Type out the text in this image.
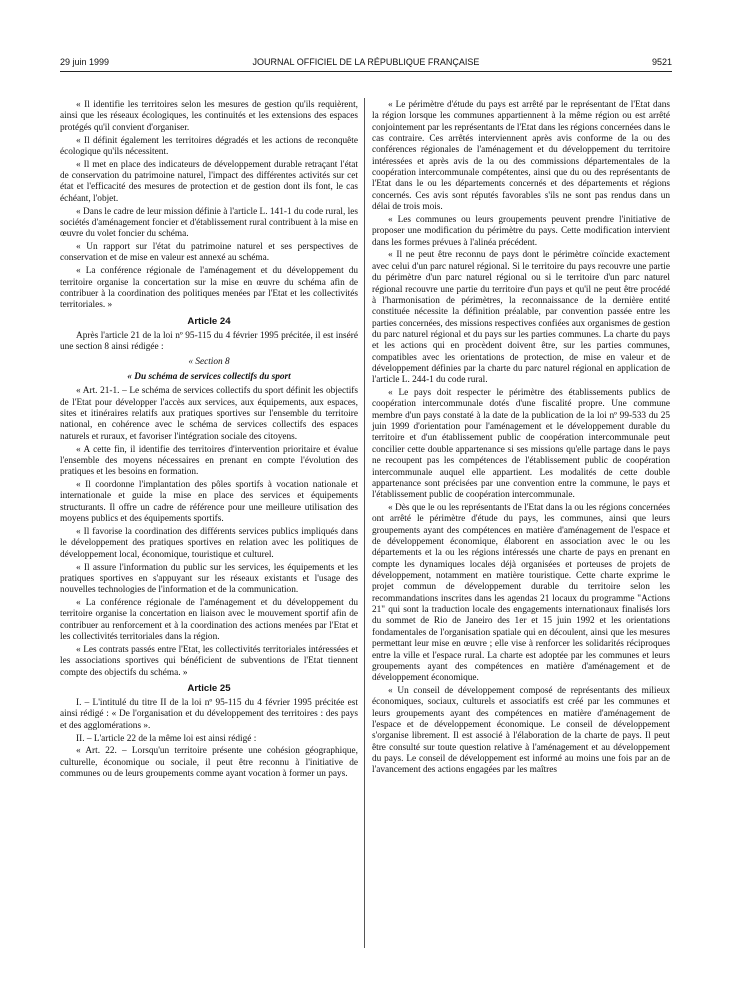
29 juin 1999	JOURNAL OFFICIEL DE LA RÉPUBLIQUE FRANÇAISE	9521

« Il identifie les territoires selon les mesures de gestion qu'ils requièrent, ainsi que les réseaux écologiques, les continuités et les extensions des espaces protégés qu'il convient d'organiser.

« Il définit également les territoires dégradés et les actions de reconquête écologique qu'ils nécessitent.

« Il met en place des indicateurs de développement durable retraçant l'état de conservation du patrimoine naturel, l'impact des différentes activités sur cet état et l'efficacité des mesures de protection et de gestion dont ils font, le cas échéant, l'objet.

« Dans le cadre de leur mission définie à l'article L. 141-1 du code rural, les sociétés d'aménagement foncier et d'établissement rural contribuent à la mise en œuvre du volet foncier du schéma.

« Un rapport sur l'état du patrimoine naturel et ses perspectives de conservation et de mise en valeur est annexé au schéma.

« La conférence régionale de l'aménagement et du développement du territoire organise la concertation sur la mise en œuvre du schéma afin de contribuer à la coordination des politiques menées par l'Etat et les collectivités territoriales. »

Article 24

Après l'article 21 de la loi nº 95-115 du 4 février 1995 précitée, il est inséré une section 8 ainsi rédigée :

« Section 8
« Du schéma de services collectifs du sport

« Art. 21-1. – Le schéma de services collectifs du sport définit les objectifs de l'Etat pour développer l'accès aux services, aux équipements, aux espaces, sites et itinéraires relatifs aux pratiques sportives sur l'ensemble du territoire national, en cohérence avec le schéma de services collectifs des espaces naturels et ruraux, et favoriser l'intégration sociale des citoyens.

« A cette fin, il identifie des territoires d'intervention prioritaire et évalue l'ensemble des moyens nécessaires en prenant en compte l'évolution des pratiques et les besoins en formation.

« Il coordonne l'implantation des pôles sportifs à vocation nationale et internationale et guide la mise en place des services et équipements structurants. Il offre un cadre de référence pour une meilleure utilisation des moyens publics et des équipements sportifs.

« Il favorise la coordination des différents services publics impliqués dans le développement des pratiques sportives en relation avec les politiques de développement local, économique, touristique et culturel.

« Il assure l'information du public sur les services, les équipements et les pratiques sportives en s'appuyant sur les réseaux existants et l'usage des nouvelles technologies de l'information et de la communication.

« La conférence régionale de l'aménagement et du développement du territoire organise la concertation en liaison avec le mouvement sportif afin de contribuer au renforcement et à la coordination des actions menées par l'Etat et les collectivités territoriales dans la région.

« Les contrats passés entre l'Etat, les collectivités territoriales intéressées et les associations sportives qui bénéficient de subventions de l'Etat tiennent compte des objectifs du schéma. »

Article 25

I. – L'intitulé du titre II de la loi nº 95-115 du 4 février 1995 précitée est ainsi rédigé : « De l'organisation et du développement des territoires : des pays et des agglomérations ».

II. – L'article 22 de la même loi est ainsi rédigé :

« Art. 22. – Lorsqu'un territoire présente une cohésion géographique, culturelle, économique ou sociale, il peut être reconnu à l'initiative de communes ou de leurs groupements comme ayant vocation à former un pays.

« Le périmètre d'étude du pays est arrêté par le représentant de l'Etat dans la région lorsque les communes appartiennent à la même région ou est arrêté conjointement par les représentants de l'Etat dans les régions concernées dans le cas contraire. Ces arrêtés interviennent après avis conforme de la ou des conférences régionales de l'aménagement et du développement du territoire intéressées et après avis de la ou des commissions départementales de la coopération intercommunale compétentes, ainsi que du ou des représentants de l'Etat dans le ou les départements concernés et des départements et régions concernés. Ces avis sont réputés favorables s'ils ne sont pas rendus dans un délai de trois mois.

« Les communes ou leurs groupements peuvent prendre l'initiative de proposer une modification du périmètre du pays. Cette modification intervient dans les formes prévues à l'alinéa précédent.

« Il ne peut être reconnu de pays dont le périmètre coïncide exactement avec celui d'un parc naturel régional. Si le territoire du pays recouvre une partie du périmètre d'un parc naturel régional ou si le territoire d'un parc naturel régional recouvre une partie du territoire d'un pays et qu'il ne peut être procédé à l'harmonisation de périmètres, la reconnaissance de la dernière entité constituée nécessite la définition préalable, par convention passée entre les parties concernées, des missions respectives confiées aux organismes de gestion du parc naturel régional et du pays sur les parties communes. La charte du pays et les actions qui en procèdent doivent être, sur les parties communes, compatibles avec les orientations de protection, de mise en valeur et de développement définies par la charte du parc naturel régional en application de l'article L. 244-1 du code rural.

« Le pays doit respecter le périmètre des établissements publics de coopération intercommunale dotés d'une fiscalité propre. Une commune membre d'un pays constaté à la date de la publication de la loi nº 99-533 du 25 juin 1999 d'orientation pour l'aménagement et le développement durable du territoire et d'un établissement public de coopération intercommunale peut concilier cette double appartenance si ses missions qu'elle partage dans le pays ne recoupent pas les compétences de l'établissement public de coopération intercommunale auquel elle appartient. Les modalités de cette double appartenance sont précisées par une convention entre la commune, le pays et l'établissement public de coopération intercommunale.

« Dès que le ou les représentants de l'Etat dans la ou les régions concernées ont arrêté le périmètre d'étude du pays, les communes, ainsi que leurs groupements ayant des compétences en matière d'aménagement de l'espace et de développement économique, élaborent en association avec le ou les départements et la ou les régions intéressés une charte de pays en prenant en compte les dynamiques locales déjà organisées et porteuses de projets de développement, notamment en matière touristique. Cette charte exprime le projet commun de développement durable du territoire selon les recommandations inscrites dans les agendas 21 locaux du programme "Actions 21" qui sont la traduction locale des engagements internationaux finalisés lors du sommet de Rio de Janeiro des 1er et 15 juin 1992 et les orientations fondamentales de l'organisation spatiale qui en découlent, ainsi que les mesures permettant leur mise en œuvre ; elle vise à renforcer les solidarités réciproques entre la ville et l'espace rural. La charte est adoptée par les communes et leurs groupements ayant des compétences en matière d'aménagement et de développement économique.

« Un conseil de développement composé de représentants des milieux économiques, sociaux, culturels et associatifs est créé par les communes et leurs groupements ayant des compétences en matière d'aménagement de l'espace et de développement économique. Le conseil de développement s'organise librement. Il est associé à l'élaboration de la charte de pays. Il peut être consulté sur toute question relative à l'aménagement et au développement du pays. Le conseil de développement est informé au moins une fois par an de l'avancement des actions engagées par les maîtres
